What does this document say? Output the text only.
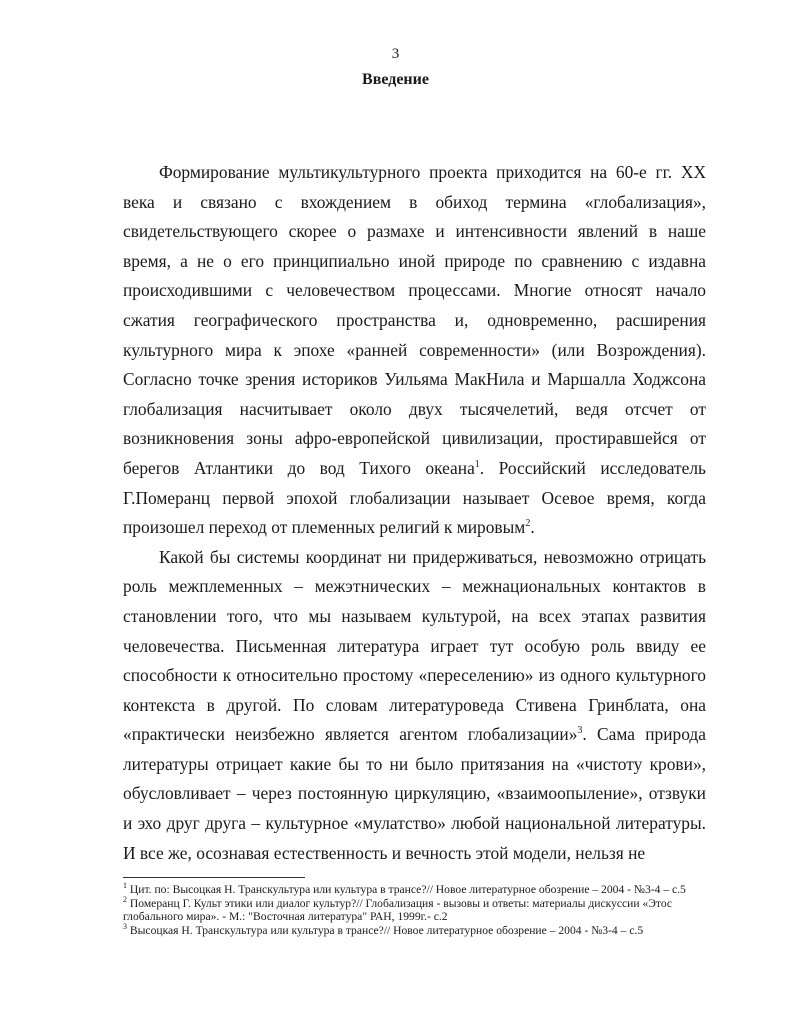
3
Введение

Формирование мультикультурного проекта приходится на 60-е гг. XX века и связано с вхождением в обиход термина «глобализация», свидетельствующего скорее о размахе и интенсивности явлений в наше время, а не о его принципиально иной природе по сравнению с издавна происходившими с человечеством процессами. Многие относят начало сжатия географического пространства и, одновременно, расширения культурного мира к эпохе «ранней современности» (или Возрождения). Согласно точке зрения историков Уильяма МакНила и Маршалла Ходжсона глобализация насчитывает около двух тысячелетий, ведя отсчет от возникновения зоны афро-европейской цивилизации, простиравшейся от берегов Атлантики до вод Тихого океана$^1$. Российский исследователь Г.Померанц первой эпохой глобализации называет Осевое время, когда произошел переход от племенных религий к мировым$^2$.

Какой бы системы координат ни придерживаться, невозможно отрицать роль межплеменных – межэтнических – межнациональных контактов в становлении того, что мы называем культурой, на всех этапах развития человечества. Письменная литература играет тут особую роль ввиду ее способности к относительно простому «переселению» из одного культурного контекста в другой. По словам литературоведа Стивена Гринблата, она «практически неизбежно является агентом глобализации»$^3$. Сама природа литературы отрицает какие бы то ни было притязания на «чистоту крови», обусловливает – через постоянную циркуляцию, «взаимоопыление», отзвуки и эхо друг друга – культурное «мулатство» любой национальной литературы. И все же, осознавая естественность и вечность этой модели, нельзя не

$^1$ Цит. по: Высоцкая Н. Транскультура или культура в трансе?// Новое литературное обозрение – 2004 - №3-4 – с.5

$^2$ Померанц Г. Культ этики или диалог культур?// Глобализация - вызовы и ответы: материалы дискуссии «Этос глобального мира». - М.: "Восточная литература" РАН, 1999г.- с.2

$^3$ Высоцкая Н. Транскультура или культура в трансе?// Новое литературное обозрение – 2004 - №3-4 – с.5
